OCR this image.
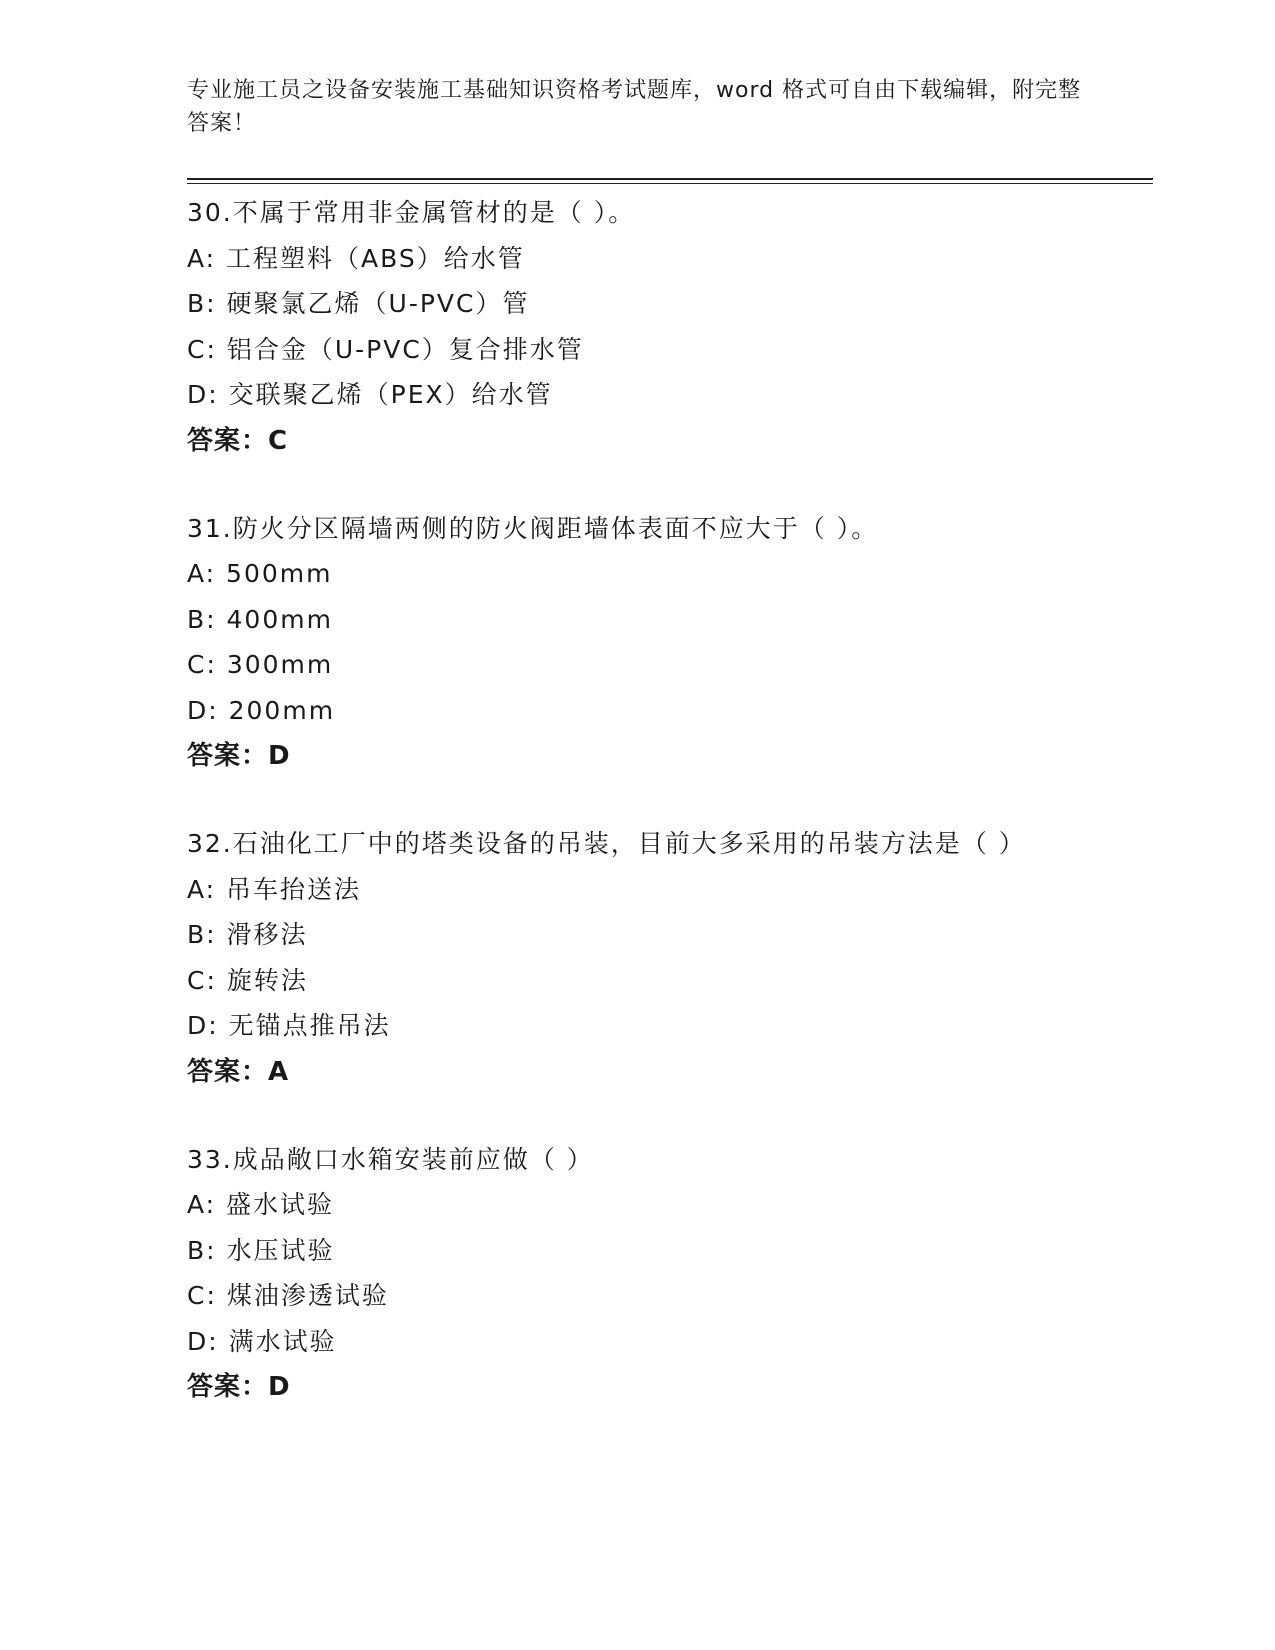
专业施工员之设备安装施工基础知识资格考试题库，word 格式可自由下载编辑，附完整答案！
30.不属于常用非金属管材的是（ ）。
A: 工程塑料（ABS）给水管
B: 硬聚氯乙烯（U-PVC）管
C: 铝合金（U-PVC）复合排水管
D: 交联聚乙烯（PEX）给水管
答案：C
31.防火分区隔墙两侧的防火阀距墙体表面不应大于（ ）。
A: 500mm
B: 400mm
C: 300mm
D: 200mm
答案：D
32.石油化工厂中的塔类设备的吊装，目前大多采用的吊装方法是（ ）
A: 吊车抬送法
B: 滑移法
C: 旋转法
D: 无锚点推吊法
答案：A
33.成品敞口水箱安装前应做（ ）
A: 盛水试验
B: 水压试验
C: 煤油渗透试验
D: 满水试验
答案：D
